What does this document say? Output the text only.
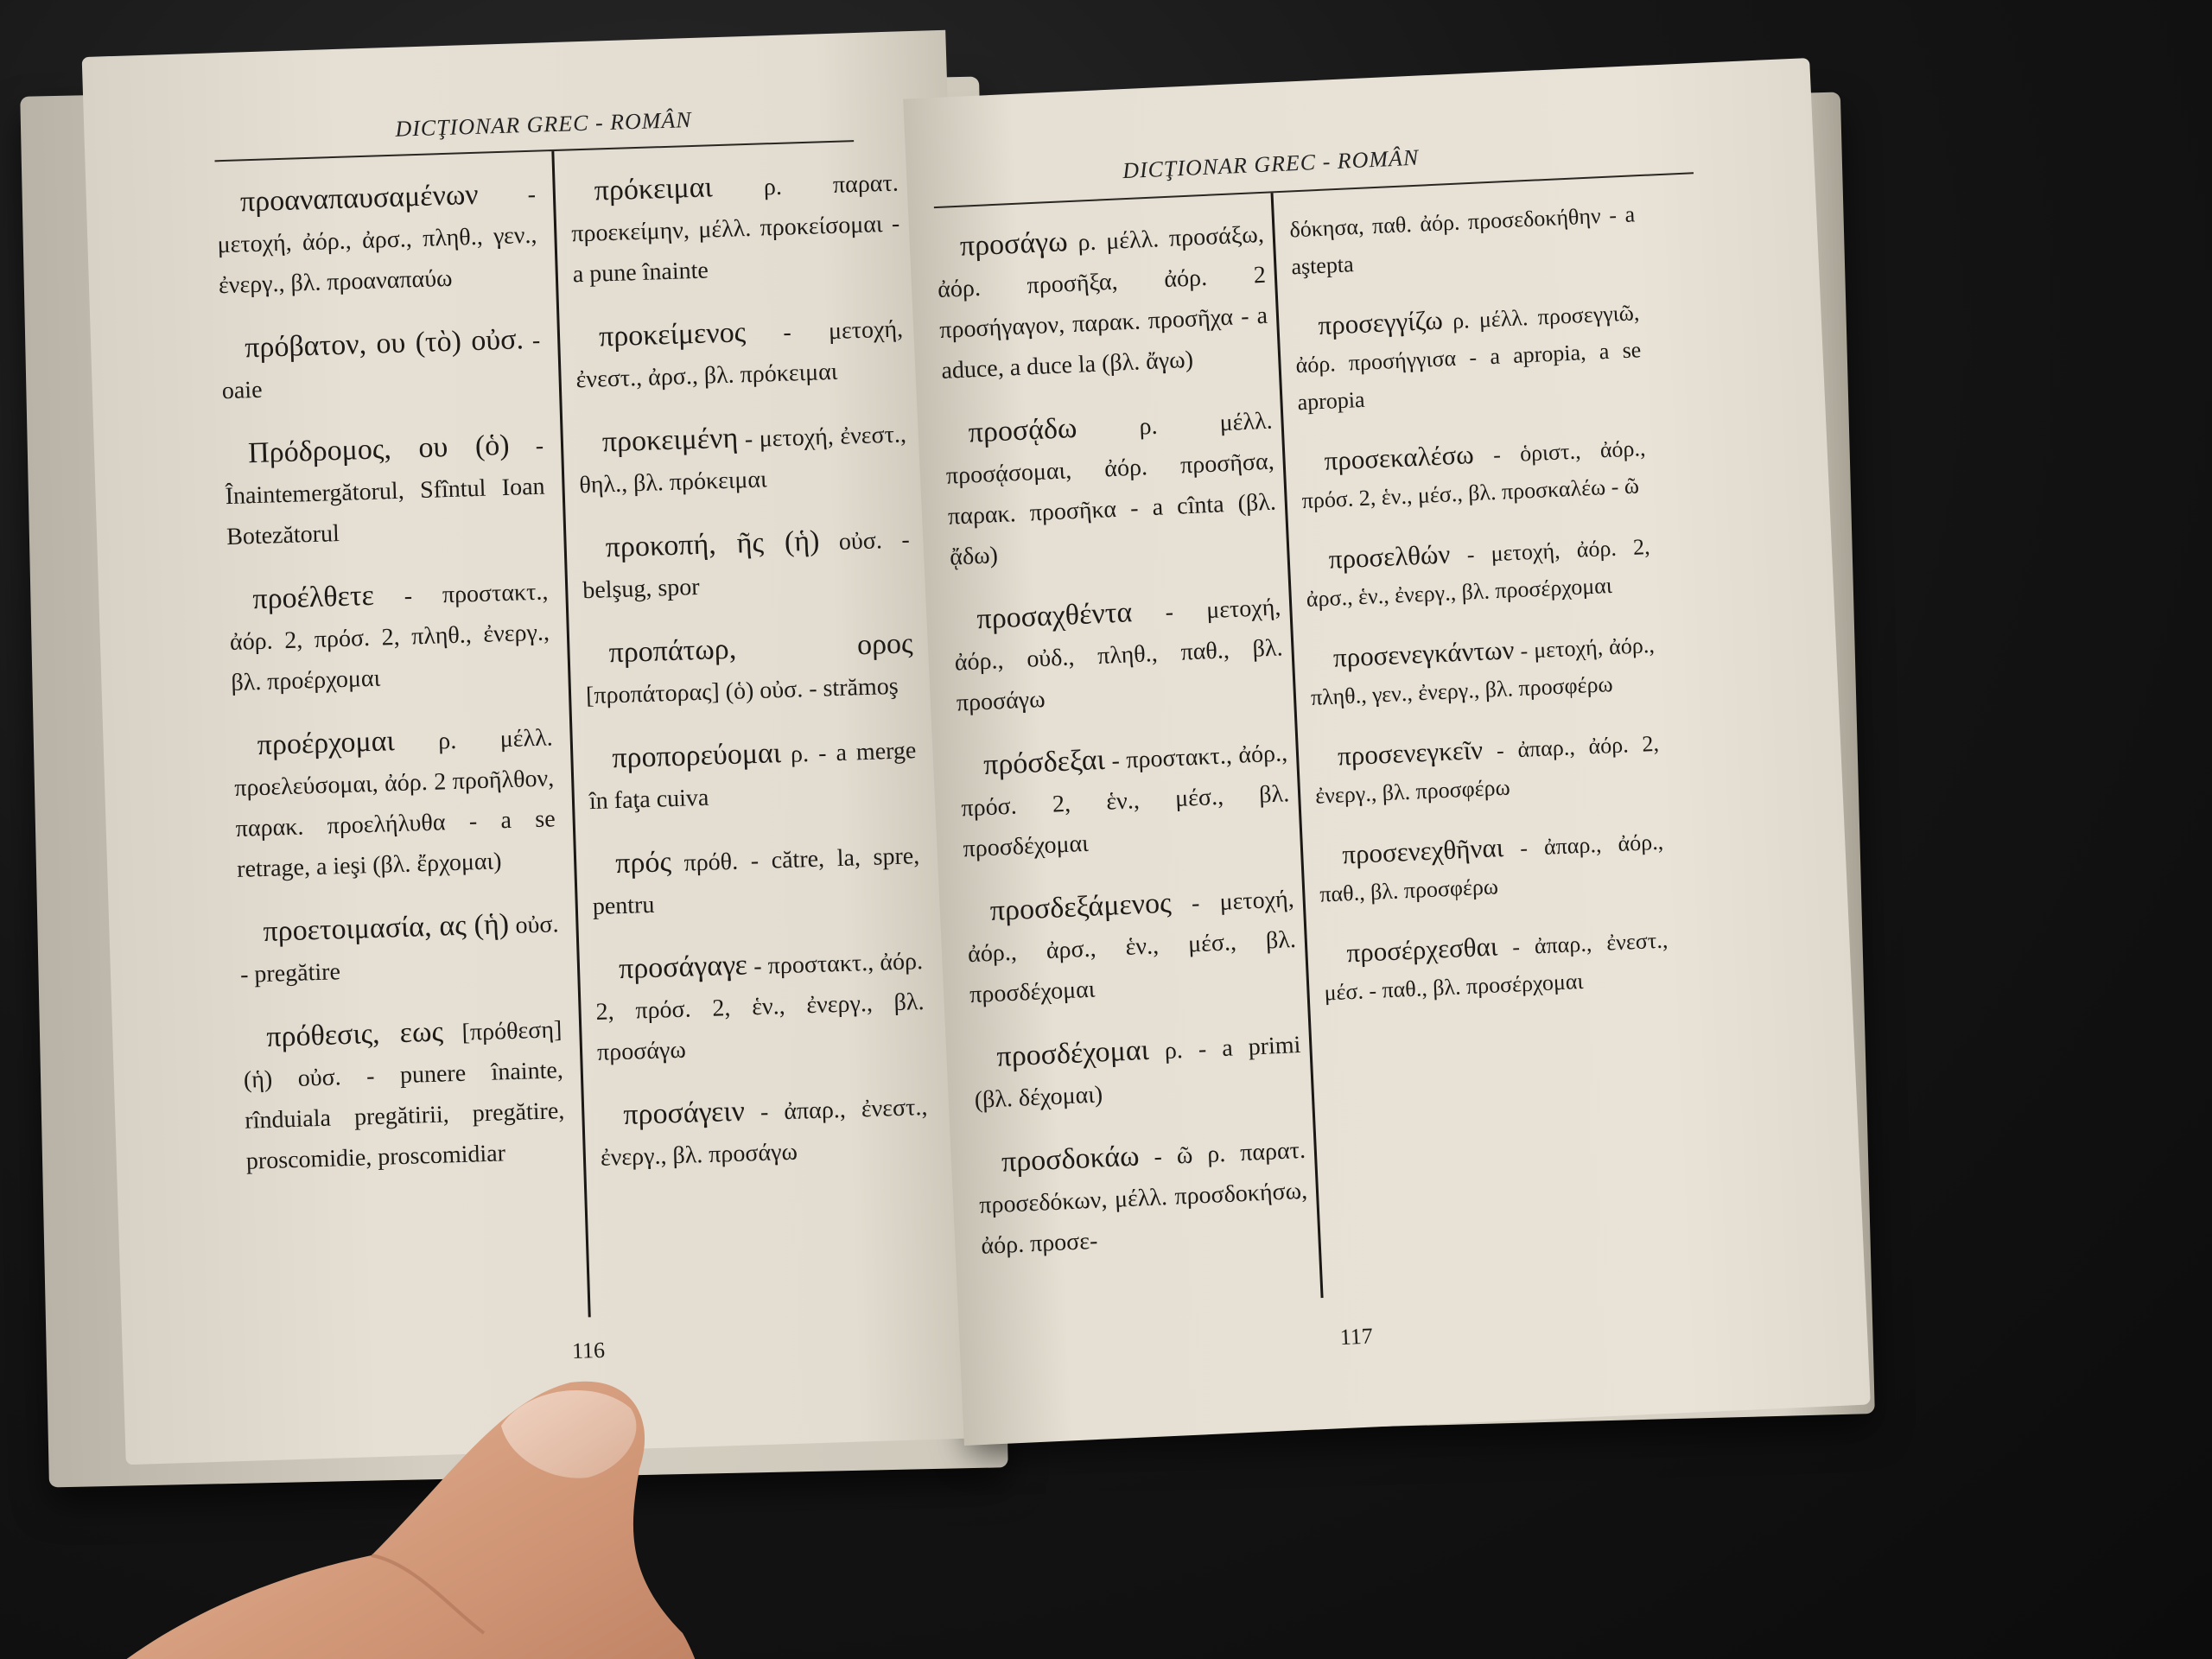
DICŢIONAR GREC - ROMÂN

προαναπαυσαμένων - μετοχή, ἀόρ., ἀρσ., πληθ., γεν., ἐνεργ., βλ. προαναπαύω

πρόβατον, ου (τὸ) οὐσ. - oaie

Πρόδρομος, ου (ὁ) - Înaintemergătorul, Sfîntul Ioan Botezătorul

προέλθετε - προστακτ., ἀόρ. 2, πρόσ. 2, πληθ., ἐνεργ., βλ. προέρχομαι

προέρχομαι ρ. μέλλ. προελεύσομαι, ἀόρ. 2 προῆλθον, παρακ. προελήλυθα - a se retrage, a ieşi (βλ. ἔρχομαι)

προετοιμασία, ας (ἡ) οὐσ. - pregătire

πρόθεσις, εως [πρόθεση] (ἡ) οὐσ. - punere înainte, rînduiala pregătirii, pregătire, proscomidie, proscomidiar

πρόκειμαι ρ. παρατ. προεκείμην, μέλλ. προκείσομαι - a pune înainte

προκείμενος - μετοχή, ἐνεστ., ἀρσ., βλ. πρόκειμαι

προκειμένη - μετοχή, ἐνεστ., θηλ., βλ. πρόκειμαι

προκοπή, ῆς (ἡ) οὐσ. - belşug, spor

προπάτωρ, ορος [προπάτορας] (ὁ) οὐσ. - strămoş

προπορεύομαι ρ. - a merge în faţa cuiva

πρός πρόθ. - către, la, spre, pentru

προσάγαγε - προστακτ., ἀόρ. 2, πρόσ. 2, ἑν., ἐνεργ., βλ. προσάγω

προσάγειν - ἀπαρ., ἐνεστ., ἐνεργ., βλ. προσάγω

116
DICŢIONAR GREC - ROMÂN

προσάγω ρ. μέλλ. προσάξω, ἀόρ. προσῆξα, ἀόρ. 2 προσήγαγον, παρακ. προσῆχα - a aduce, a duce la (βλ. ἄγω)

προσᾴδω ρ. μέλλ. προσᾴσομαι, ἀόρ. προσῆσα, παρακ. προσῆκα - a cînta (βλ. ᾄδω)

προσαχθέντα - μετοχή, ἀόρ., οὐδ., πληθ., παθ., βλ. προσάγω

πρόσδεξαι - προστακτ., ἀόρ., πρόσ. 2, ἑν., μέσ., βλ. προσδέχομαι

προσδεξάμενος - μετοχή, ἀόρ., ἀρσ., ἑν., μέσ., βλ. προσδέχομαι

προσδέχομαι ρ. - a primi (βλ. δέχομαι)

προσδοκάω - ῶ ρ. παρατ. προσεδόκων, μέλλ. προσδοκήσω, ἀόρ. προσε-

δόκησα, παθ. ἀόρ. προσεδοκήθην - a aştepta

προσεγγίζω ρ. μέλλ. προσεγγιῶ, ἀόρ. προσήγγισα - a apropia, a se apropia

προσεκαλέσω - ὁριστ., ἀόρ., πρόσ. 2, ἑν., μέσ., βλ. προσκαλέω - ῶ

προσελθών - μετοχή, ἀόρ. 2, ἀρσ., ἑν., ἐνεργ., βλ. προσέρχομαι

προσενεγκάντων - μετοχή, ἀόρ., πληθ., γεν., ἐνεργ., βλ. προσφέρω

προσενεγκεῖν - ἀπαρ., ἀόρ. 2, ἐνεργ., βλ. προσφέρω

προσενεχθῆναι - ἀπαρ., ἀόρ., παθ., βλ. προσφέρω

προσέρχεσθαι - ἀπαρ., ἐνεστ., μέσ. - παθ., βλ. προσέρχομαι

117
